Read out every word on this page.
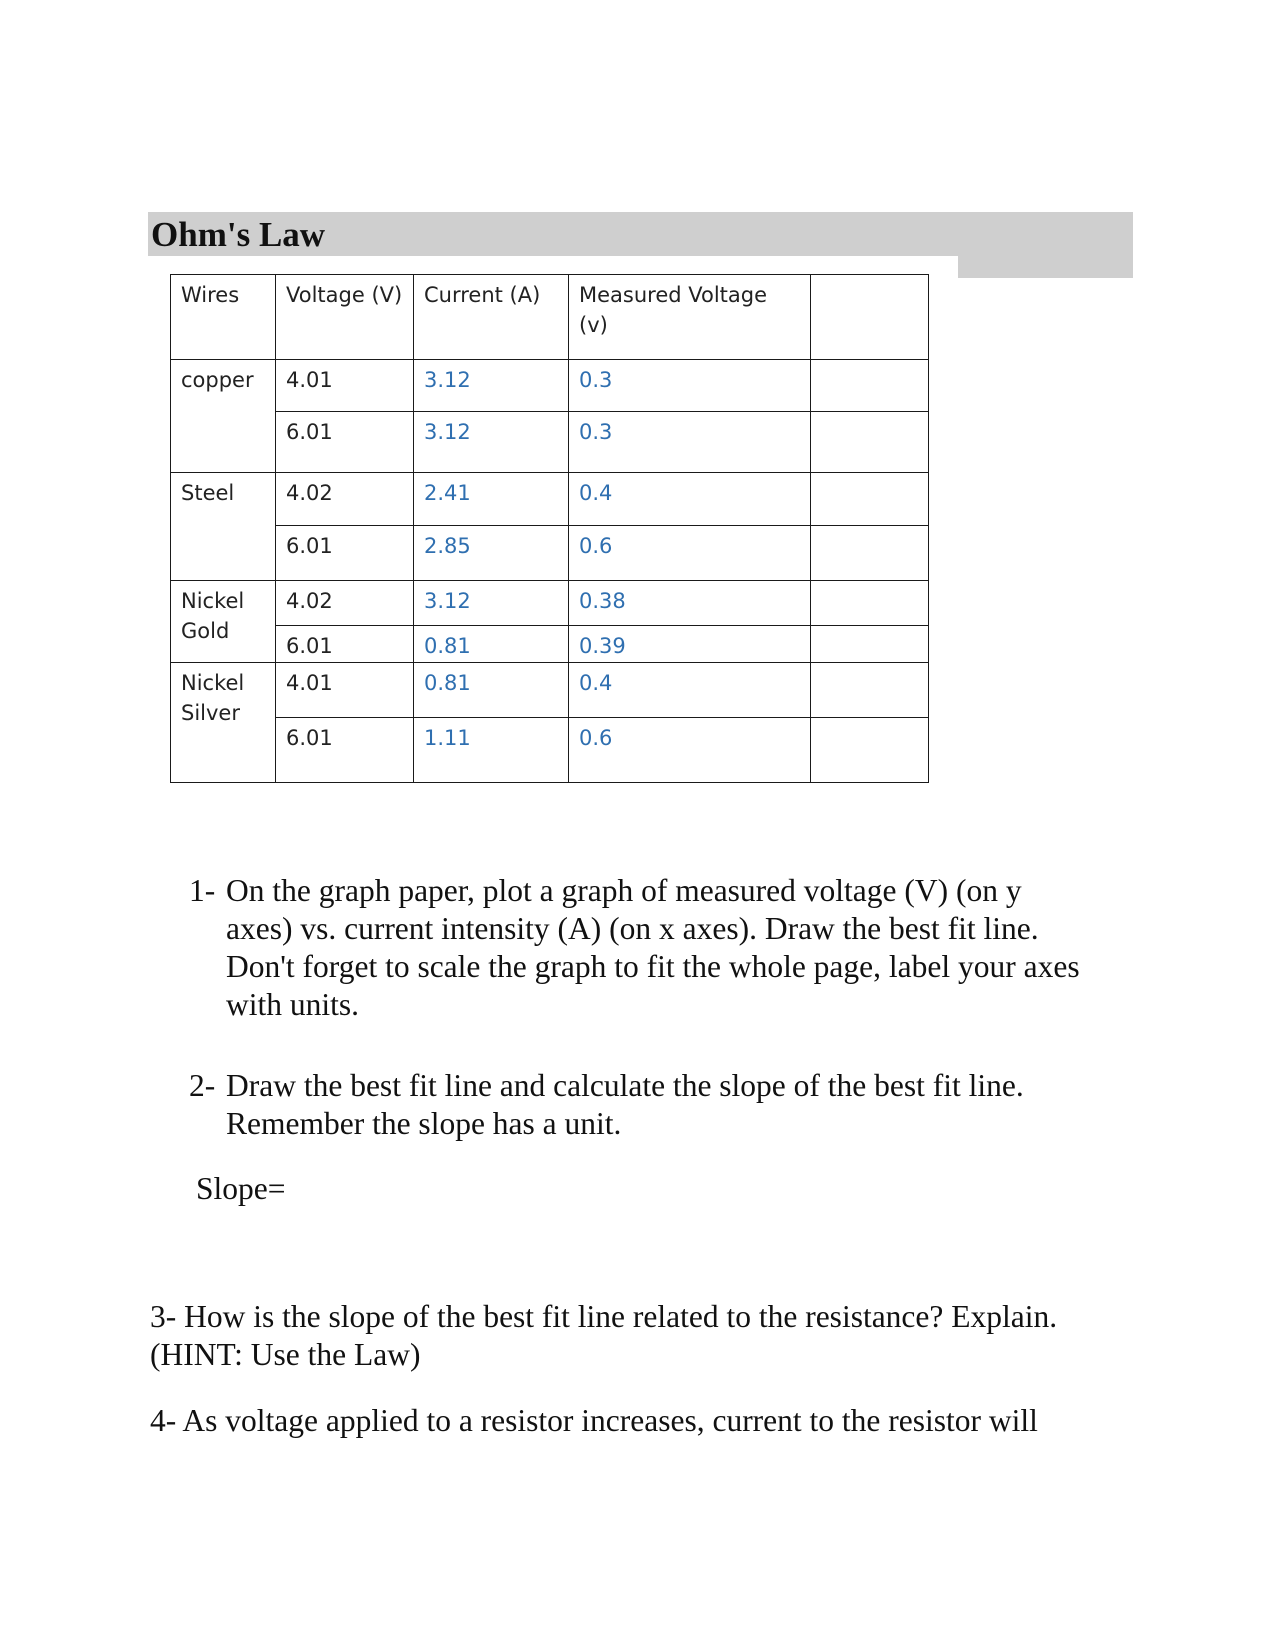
Ohm's Law
Wires	Voltage (V)	Current (A)	Measured Voltage (v)	
copper	4.01	3.12	0.3	
	6.01	3.12	0.3	
Steel	4.02	2.41	0.4	
	6.01	2.85	0.6	
Nickel Gold	4.02	3.12	0.38	
	6.01	0.81	0.39	
Nickel Silver	4.01	0.81	0.4	
	6.01	1.11	0.6	
1- On the graph paper, plot a graph of measured voltage (V) (on y axes) vs. current intensity (A) (on x axes). Draw the best fit line. Don't forget to scale the graph to fit the whole page, label your axes with units.
2- Draw the best fit line and calculate the slope of the best fit line. Remember the slope has a unit.
Slope=
3- How is the slope of the best fit line related to the resistance? Explain. (HINT: Use the Law)
4- As voltage applied to a resistor increases, current to the resistor will
